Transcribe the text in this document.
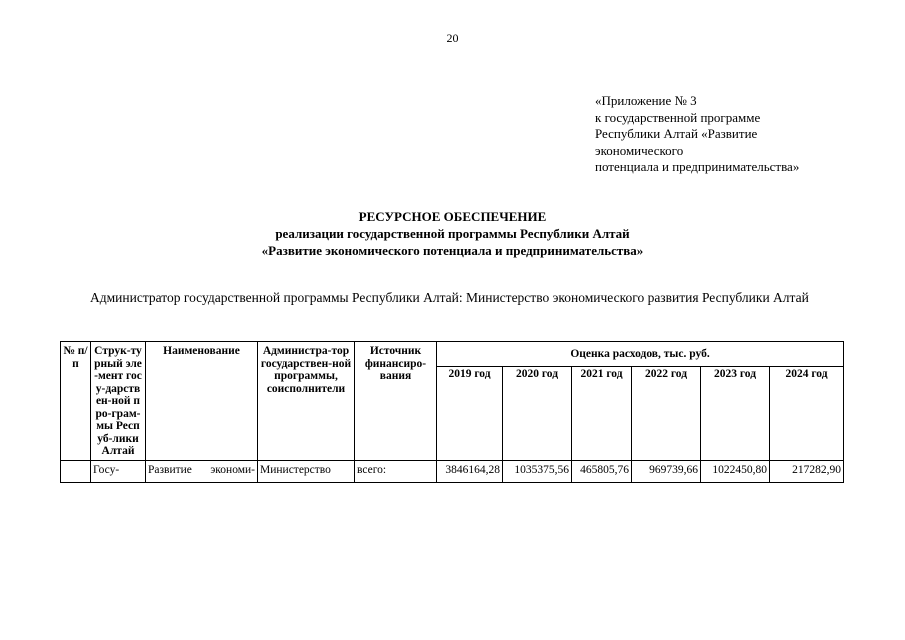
20
«Приложение № 3
к государственной программе
Республики Алтай «Развитие
экономического
потенциала и предпринимательства»
РЕСУРСНОЕ ОБЕСПЕЧЕНИЕ
реализации государственной программы Республики Алтай
«Развитие экономического потенциала и предпринимательства»
Администратор государственной программы Республики Алтай: Министерство экономического развития Республики Алтай
№ п/п	Струк-турный эле-мент госу-дарствен-ной про-грам-мы Респуб-лики Алтай	Наименование	Администра-тор государствен-ной программы, соисполнители	Источник финансиро-вания	Оценка расходов, тыс. руб.					
					2019 год	2020 год	2021 год	2022 год	2023 год	2024 год
	Госу-	Развитие экономи-	Министерство	всего:	3846164,28	1035375,56	465805,76	969739,66	1022450,80	217282,90
